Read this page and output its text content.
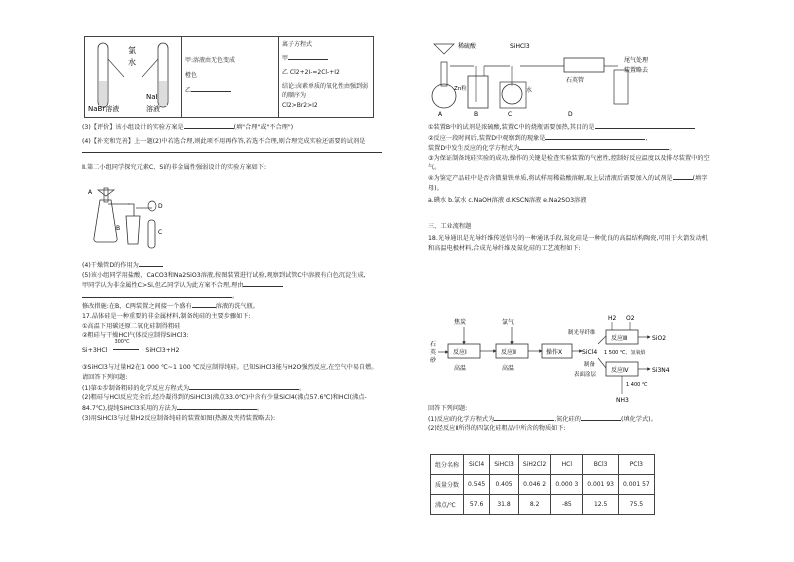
氯
水
NaBr溶液
NaI
溶液

甲:溶液由无色变成
橙色
乙

离子方程式
甲
乙 Cl2+2I-=2Cl-+I2
结论:卤素单质的氧化性由强到弱的顺序为
Cl2>Br2>I2

(3)【评价】该小组设计的实验方案是	(填"合理"或"不合理")

(4)【补充和完善】上一题(2)中若选合理,则此项不用再作答,若选不合理,则合理完成实验还需要的试剂是

Ⅱ.第二小组同学探究元素C、Si的非金属性强弱设计的实验方案如下:

A
B
C
D

(4)干燥管D的作用为

(5)该小组同学用盐酸、CaCO3和Na2SiO3溶液,按图装置进行试验,观察到试管C中溶液有白色沉淀生成,

甲同学认为非金属性C>Si,但乙同学认为此方案不合理,理由

。

修改措施:在B、C两装置之间接一个盛有	溶液的洗气瓶。

17.晶体硅是一种重要的非金属材料,制备纯硅的主要步骤如下:

①高温下用碳还原二氧化硅制得粗硅

②粗硅与干燥HCl气体反应制得SiHCl3:

Si+3HCl
300℃
SiHCl3+H2

③SiHCl3与过量H2在1 000 ℃~1 100 ℃反应制得纯硅。已知SiHCl3能与H2O强烈反应,在空气中易自燃。

请回答下列问题:

(1)第①步制备粗硅的化学反应方程式为	。

(2)粗硅与HCl反应完全后,经冷凝得到的SiHCl3(沸点33.0℃)中含有少量SiCl4(沸点57.6℃)和HCl(沸点-

84.7℃),提纯SiHCl3采用的方法为	。

(3)用SiHCl3与过量H2反应制备纯硅的装置如图(热源及夹持装置略去):

稀硫酸	SiHCl3
Zn粒	水
石英管
尾气处理
装置略去
A	B	C	D

①装置B中的试剂是浓硫酸,装置C中的烧瓶需要加热,其目的是

②反应一段时间后,装置D中观察到的现象是	,

装置D中发生反应的化学方程式为	。

③为保证制备纯硅实验的成功,操作的关键是检查实验装置的气密性,控制好反应温度以及排尽装置中的空

气。

④为鉴定产品硅中是否含微量铁单质,将试样用稀盐酸溶解,取上层清液后需要加入的试剂是	(填字

母)。

a.碘水 b.氯水 c.NaOH溶液 d.KSCN溶液 e.Na2SO3溶液

三、工业流程题

18.光导通讯是光导纤维传送信号的一种通讯手段,氮化硅是一种优良的高温结构陶瓷,可用于火箭发动机

和高温电极材料,合成光导纤维及氮化硅的工艺流程如下:

石
英
砂
反应Ⅰ
焦炭
高温
反应Ⅱ
氯气
高温
操作X	SiCl4
制光导纤维
反应Ⅲ
H2 O2
SiO2
1 500 ℃、氢氧焰
制备
表面涂层
反应Ⅳ	Si3N4
1 400 ℃
NH3

回答下列问题:

(1)反应Ⅰ的化学方程式为	,氮化硅的	(填化学式)。

(2)经反应Ⅱ所得的四氯化硅粗品中所含的物质如下:

组分名称	SiCl4	SiHCl3	SiH2Cl2	HCl	BCl3	PCl3
质量分数	0.545	0.405	0.046 2	0.000 3	0.001 93	0.001 57
沸点/℃	57.6	31.8	8.2	-85	12.5	75.5
